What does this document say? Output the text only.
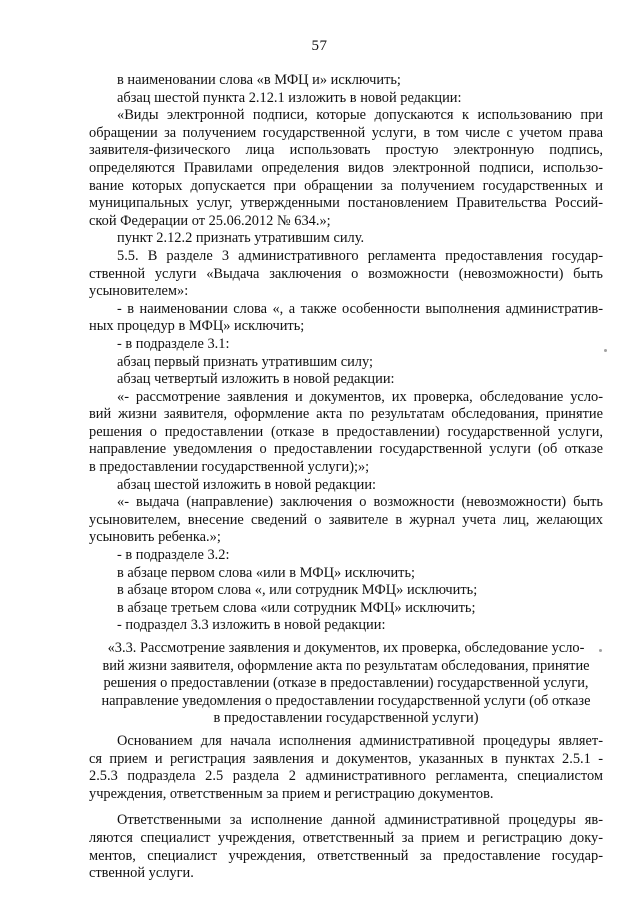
57
в наименовании слова «в МФЦ и» исключить;
абзац шестой пункта 2.12.1 изложить в новой редакции:
«Виды электронной подписи, которые допускаются к использованию при
обращении за получением государственной услуги, в том числе с учетом права
заявителя-физического лица использовать простую электронную подпись,
определяются Правилами определения видов электронной подписи, использо-
вание которых допускается при обращении за получением государственных и
муниципальных услуг, утвержденными постановлением Правительства Россий-
ской Федерации от 25.06.2012 № 634.»;
пункт 2.12.2 признать утратившим силу.
5.5. В разделе 3 административного регламента предоставления государ-
ственной услуги «Выдача заключения о возможности (невозможности) быть
усыновителем»:
- в наименовании слова «, а также особенности выполнения административ-
ных процедур в МФЦ» исключить;
- в подразделе 3.1:
абзац первый признать утратившим силу;
абзац четвертый изложить в новой редакции:
«- рассмотрение заявления и документов, их проверка, обследование усло-
вий жизни заявителя, оформление акта по результатам обследования, принятие
решения о предоставлении (отказе в предоставлении) государственной услуги,
направление уведомления о предоставлении государственной услуги (об отказе
в предоставлении государственной услуги);»;
абзац шестой изложить в новой редакции:
«- выдача (направление) заключения о возможности (невозможности) быть
усыновителем, внесение сведений о заявителе в журнал учета лиц, желающих
усыновить ребенка.»;
- в подразделе 3.2:
в абзаце первом слова «или в МФЦ» исключить;
в абзаце втором слова «, или сотрудник МФЦ» исключить;
в абзаце третьем слова «или сотрудник МФЦ» исключить;
- подраздел 3.3 изложить в новой редакции:
«3.3. Рассмотрение заявления и документов, их проверка, обследование усло-
вий жизни заявителя, оформление акта по результатам обследования, принятие
решения о предоставлении (отказе в предоставлении) государственной услуги,
направление уведомления о предоставлении государственной услуги (об отказе
в предоставлении государственной услуги)
Основанием для начала исполнения административной процедуры являет-
ся прием и регистрация заявления и документов, указанных в пунктах 2.5.1 -
2.5.3 подраздела 2.5 раздела 2 административного регламента, специалистом
учреждения, ответственным за прием и регистрацию документов.
Ответственными за исполнение данной административной процедуры яв-
ляются специалист учреждения, ответственный за прием и регистрацию доку-
ментов, специалист учреждения, ответственный за предоставление государ-
ственной услуги.
